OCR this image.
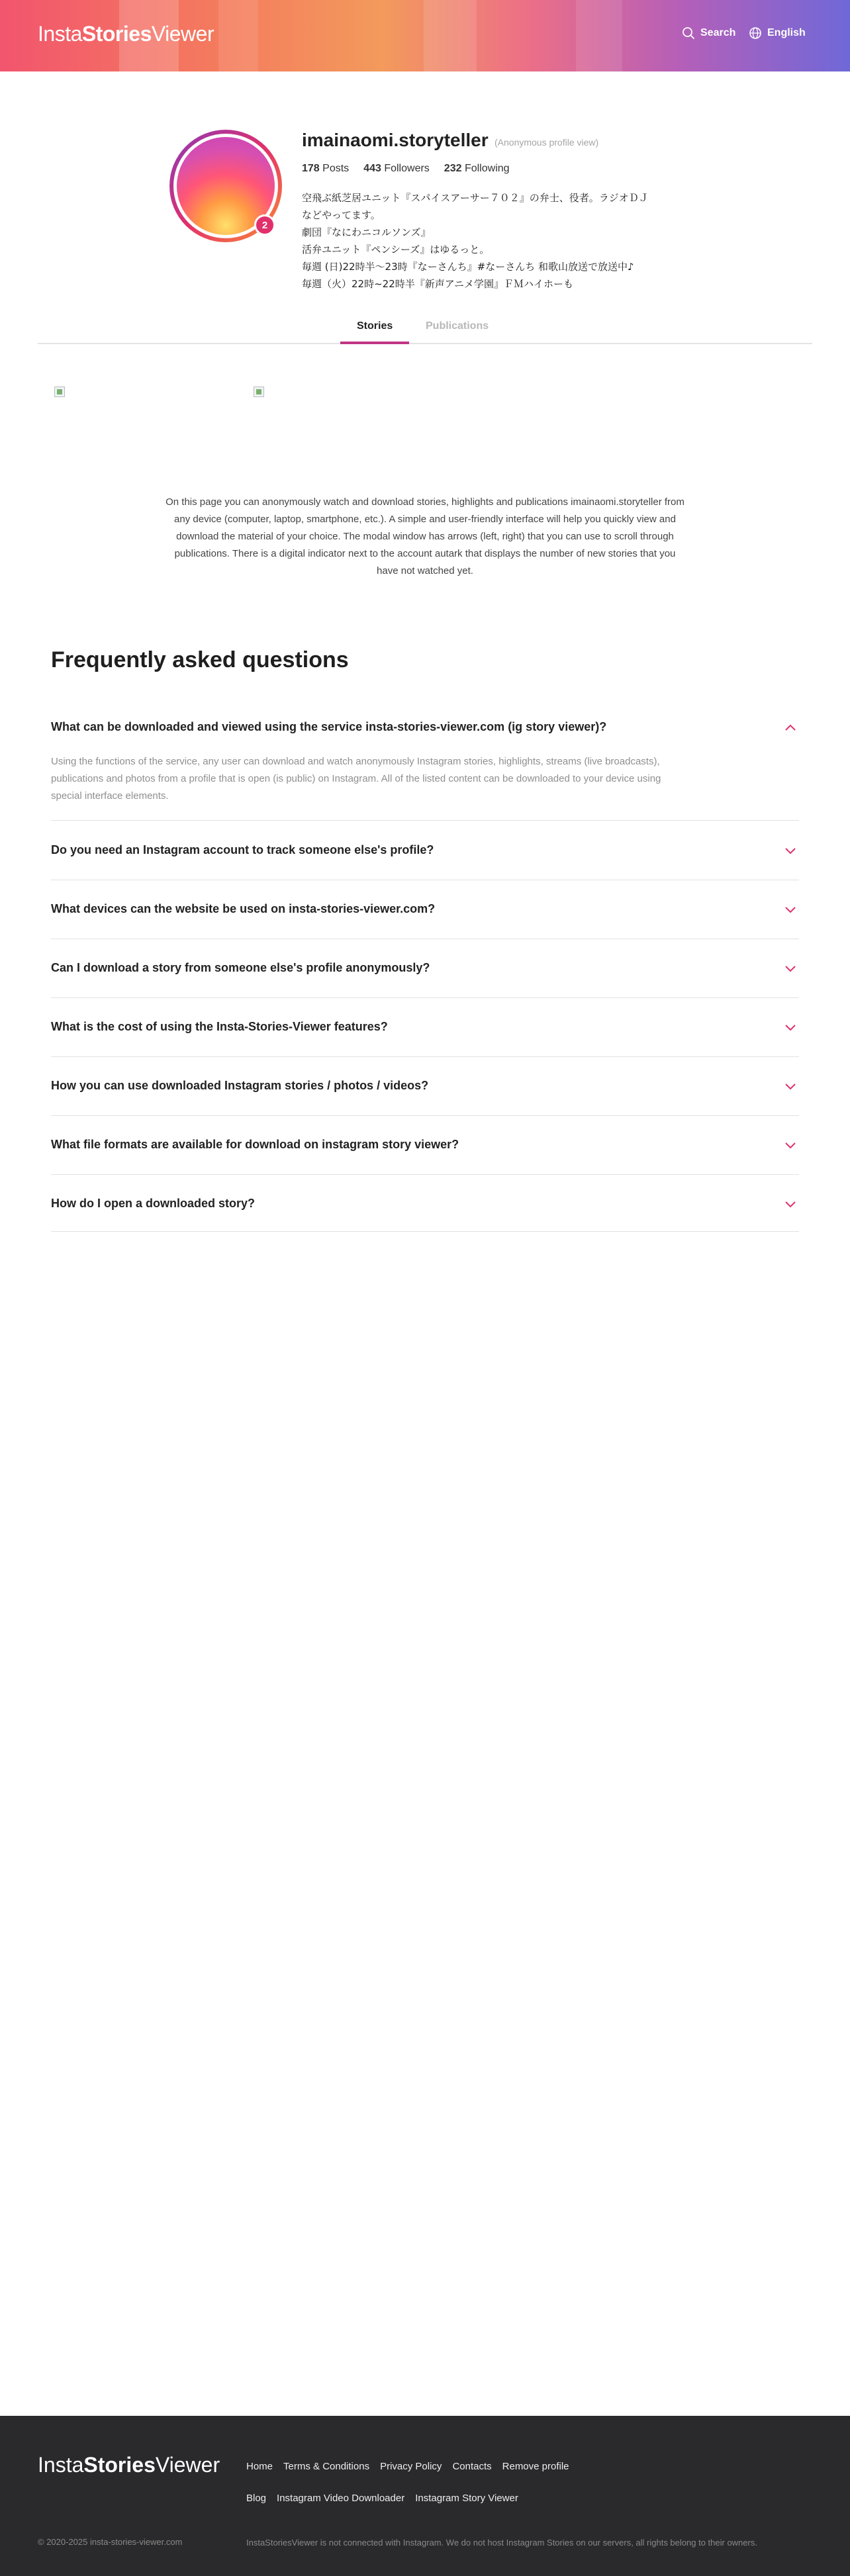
InstaStoriesViewer	Search	English
2
imainaomi.storyteller (Anonymous profile view)
178 Posts 443 Followers 232 Following
空飛ぶ紙芝居ユニット『スパイスアーサー７０２』の弁士、役者。ラジオＤＪ
などやってます。
劇団『なにわニコルソンズ』
活弁ユニット『ペンシーズ』はゆるっと。
毎週 (日)22時半〜23時『なーさんち』#なーさんち 和歌山放送で放送中♪
毎週（火）22時~22時半『新声アニメ学園』ＦＭハイホーも
Stories	Publications
On this page you can anonymously watch and download stories, highlights and publications imainaomi.storyteller from any device (computer, laptop, smartphone, etc.). A simple and user-friendly interface will help you quickly view and download the material of your choice. The modal window has arrows (left, right) that you can use to scroll through publications. There is a digital indicator next to the account autark that displays the number of new stories that you have not watched yet.
Frequently asked questions
What can be downloaded and viewed using the service insta-stories-viewer.com (ig story viewer)?
Using the functions of the service, any user can download and watch anonymously Instagram stories, highlights, streams (live broadcasts), publications and photos from a profile that is open (is public) on Instagram. All of the listed content can be downloaded to your device using special interface elements.
Do you need an Instagram account to track someone else's profile?
What devices can the website be used on insta-stories-viewer.com?
Can I download a story from someone else's profile anonymously?
What is the cost of using the Insta-Stories-Viewer features?
How you can use downloaded Instagram stories / photos / videos?
What file formats are available for download on instagram story viewer?
How do I open a downloaded story?
InstaStoriesViewer	Home Terms & Conditions Privacy Policy Contacts Remove profile
Blog Instagram Video Downloader Instagram Story Viewer
© 2020-2025 insta-stories-viewer.com	InstaStoriesViewer is not connected with Instagram. We do not host Instagram Stories on our servers, all rights belong to their owners.
